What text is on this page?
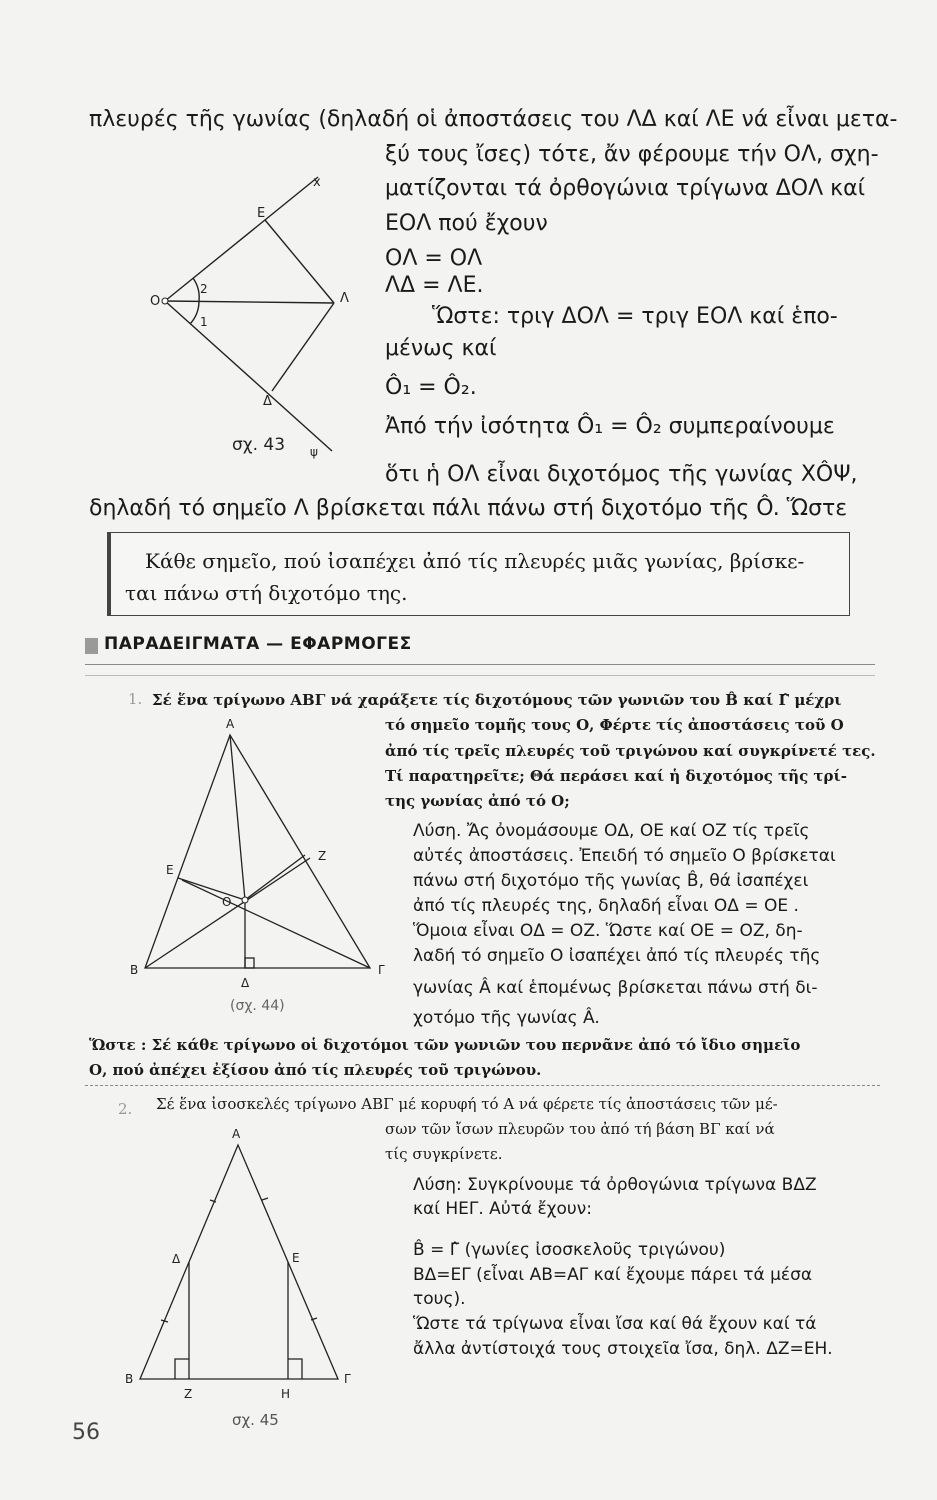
πλευρές τῆς γωνίας (δηλαδή οἱ ἀποστάσεις του ΛΔ καί ΛΕ νά εἶναι μετα-
ξύ τους ἴσες) τότε, ἄν φέρουμε τήν ΟΛ, σχη-
ματίζονται τά ὀρθογώνια τρίγωνα ΔΟΛ καί
ΕΟΛ πού ἔχουν
ΟΛ = ΟΛ
ΛΔ = ΛΕ.
Ὥστε: τριγ ΔΟΛ = τριγ ΕΟΛ καί ἑπο-
μένως καί
Ô₁ = Ô₂.
Ἀπό τήν ἰσότητα Ô₁ = Ô₂ συμπεραίνουμε
ὅτι ἡ ΟΛ εἶναι διχοτόμος τῆς γωνίας ΧÔΨ,
δηλαδή τό σημεῖο Λ βρίσκεται πάλι πάνω στή διχοτόμο τῆς Ô. Ὥστε
x
E
O
2
1
Λ
Δ
ψ
σχ. 43
Κάθε σημεῖο, πού ἰσαπέχει ἀπό τίς πλευρές μιᾶς γωνίας, βρίσκε-
ται πάνω στή διχοτόμο της.
ΠΑΡΑΔΕΙΓΜΑΤΑ — ΕΦΑΡΜΟΓΕΣ
1. Σέ ἕνα τρίγωνο ΑΒΓ νά χαράξετε τίς διχοτόμους τῶν γωνιῶν του B̂ καί Γ̂ μέχρι
τό σημεῖο τομῆς τους Ο, Φέρτε τίς ἀποστάσεις τοῦ Ο
ἀπό τίς τρεῖς πλευρές τοῦ τριγώνου καί συγκρίνετέ τες.
Τί παρατηρεῖτε; Θά περάσει καί ἡ διχοτόμος τῆς τρί-
της γωνίας ἀπό τό Ο;
Λύση. Ἄς ὀνομάσουμε ΟΔ, ΟΕ καί ΟΖ τίς τρεῖς
αὐτές ἀποστάσεις. Ἐπειδή τό σημεῖο Ο βρίσκεται
πάνω στή διχοτόμο τῆς γωνίας B̂, θά ἰσαπέχει
ἀπό τίς πλευρές της, δηλαδή εἶναι ΟΔ = ΟΕ .
Ὅμοια εἶναι ΟΔ = ΟΖ. Ὥστε καί ΟΕ = ΟΖ, δη-
λαδή τό σημεῖο Ο ἰσαπέχει ἀπό τίς πλευρές τῆς
γωνίας Â καί ἑπομένως βρίσκεται πάνω στή δι-
χοτόμο τῆς γωνίας Â.
Ὥστε : Σέ κάθε τρίγωνο οἱ διχοτόμοι τῶν γωνιῶν του περνᾶνε ἀπό τό ἴδιο σημεῖο
Ο, πού ἀπέχει ἐξίσου ἀπό τίς πλευρές τοῦ τριγώνου.
A
E
O
Z
B
Δ
Γ
(σχ. 44)
2. Σέ ἕνα ἰσοσκελές τρίγωνο ΑΒΓ μέ κορυφή τό Α νά φέρετε τίς ἀποστάσεις τῶν μέ-
σων τῶν ἴσων πλευρῶν του ἀπό τή βάση ΒΓ καί νά
τίς συγκρίνετε.
Λύση: Συγκρίνουμε τά ὀρθογώνια τρίγωνα ΒΔΖ
καί ΗΕΓ. Αὐτά ἔχουν:
B̂ = Γ̂ (γωνίες ἰσοσκελοῦς τριγώνου)
ΒΔ=ΕΓ (εἶναι ΑΒ=ΑΓ καί ἔχουμε πάρει τά μέσα
τους).
Ὥστε τά τρίγωνα εἶναι ἴσα καί θά ἔχουν καί τά
ἄλλα ἀντίστοιχά τους στοιχεῖα ἴσα, δηλ. ΔΖ=ΕΗ.
A
Δ	E
B
Z	H
Γ
σχ. 45
56
